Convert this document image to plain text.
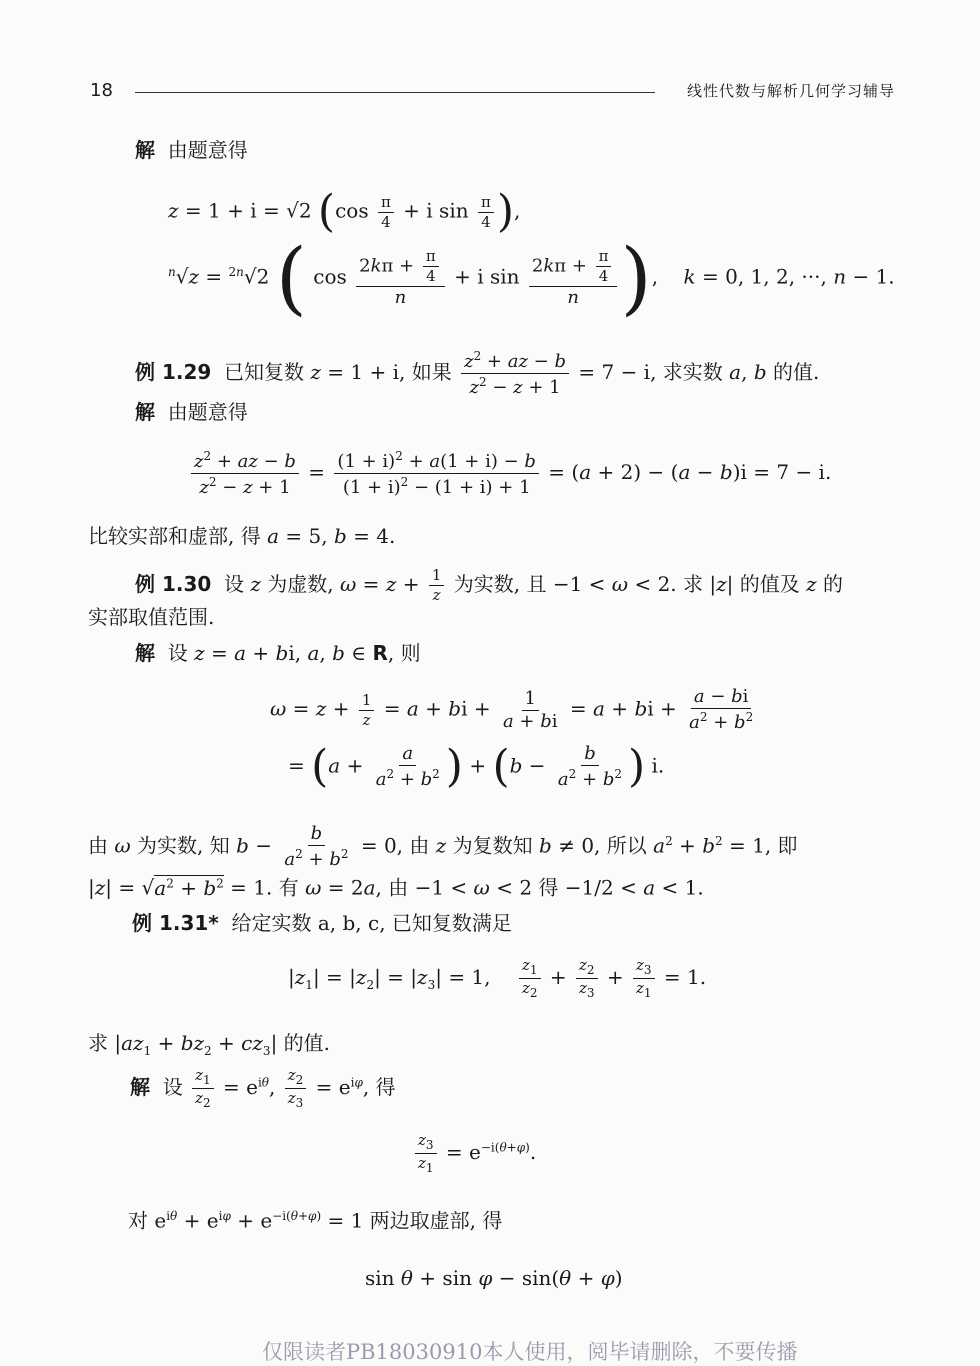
18	线性代数与解析几何学习辅导
解  由题意得
z = 1 + i = √2 ($\cos \frac{\pi}{4} + i$ $\sin \frac{\pi}{4}$ ),
$^n$√z = $^{2n}$√2 ( $\cos \frac{2k\pi + \frac{\pi}{4}}{n} + i$ $\sin \frac{2k\pi + \frac{\pi}{4}}{n}$ ),    k = 0, 1, 2, ···, n − 1.
例 1.29  已知复数 z = 1 + i, 如果 $\frac{z^2 + az - b}{z^2 - z + 1} = 7 - i$, 求实数 a, b 的值.
解  由题意得
$\frac{z^2 + az - b}{z^2 - z + 1} = \frac{(1 + i)^2 + a(1 + i) - b}{(1 + i)^2 - (1 + i) + 1} = (a + 2) - (a - b)i = 7 - i$.
比较实部和虚部, 得 a = 5, b = 4.
例 1.30  设 z 为虚数, $\omega = z + \frac{1}{z}$ 为实数, 且 −1 < ω < 2. 求 |z| 的值及 z 的
实部取值范围.
解  设 z = a + bi, a, b ∈ R, 则
$\omega = z + \frac{1}{z} = a$ + bi + $\frac{1}{a + bi} = a$ + bi + $\frac{a - bi}{a^2 + b^2}$
= ($a + \frac{a}{a^2 + b^2}$ ) + ($b - \frac{b}{a^2 + b^2}$ ) i.
由 ω 为实数, 知 $b - \frac{b}{a^2 + b^2} = 0$, 由 z 为复数知 b ≠ 0, 所以 $a^2 + b^2 = 1$, 即
$|z| = √a^2 + b^2 = 1$. 有 ω = 2a, 由 −1 < ω < 2 得 −1/2 < a < 1.
例 1.31* 给定实数 a, b, c, 已知复数满足
$|z_1| = |z_2| = |z_3| = 1$, $\frac{z_1}{z_2} + \frac{z_2}{z_3} + \frac{z_3}{z_1} = 1$.
求 $|az_1 + bz_2 + cz_3|$ 的值.
解  设 $\frac{z_1}{z_2} = e^{i\theta}$, $\frac{z_2}{z_3} = e^{i\varphi}$, 得
$\frac{z_3}{z_1} = e^{-i(\theta+\varphi)}$.
对 $e^{i\theta} + e^{i\varphi} + e^{-i(\theta+\varphi)} = 1$ 两边取虚部, 得
sin θ + sin φ − sin(θ + φ)
仅限读者PB18030910本人使用，阅毕请删除，不要传播
